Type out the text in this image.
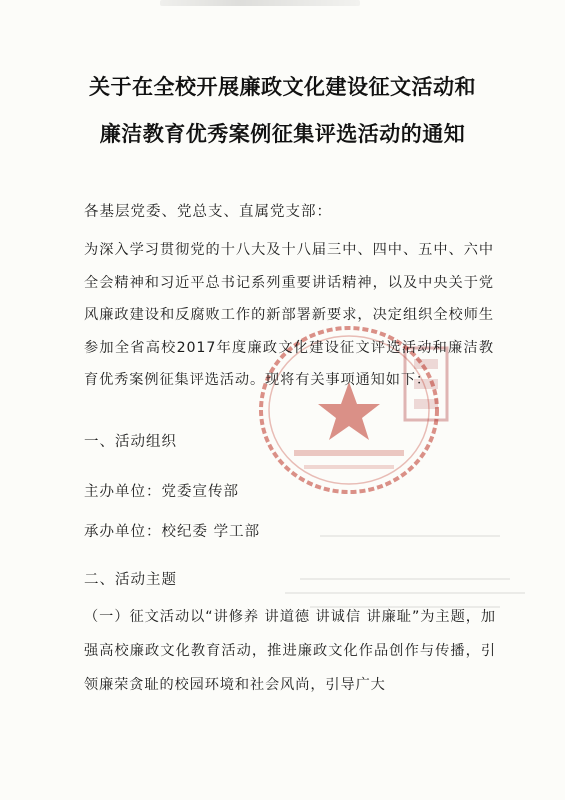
关于在全校开展廉政文化建设征文活动和
廉洁教育优秀案例征集评选活动的通知
各基层党委、党总支、直属党支部：
为深入学习贯彻党的十八大及十八届三中、四中、五中、六中全会精神和习近平总书记系列重要讲话精神，以及中央关于党风廉政建设和反腐败工作的新部署新要求，决定组织全校师生参加全省高校2017年度廉政文化建设征文评选活动和廉洁教育优秀案例征集评选活动。现将有关事项通知如下：
一、活动组织
主办单位：党委宣传部
承办单位：校纪委 学工部
二、活动主题
（一）征文活动以“讲修养 讲道德 讲诚信 讲廉耻”为主题，加强高校廉政文化教育活动，推进廉政文化作品创作与传播，引领廉荣贪耻的校园环境和社会风尚，引导广大
